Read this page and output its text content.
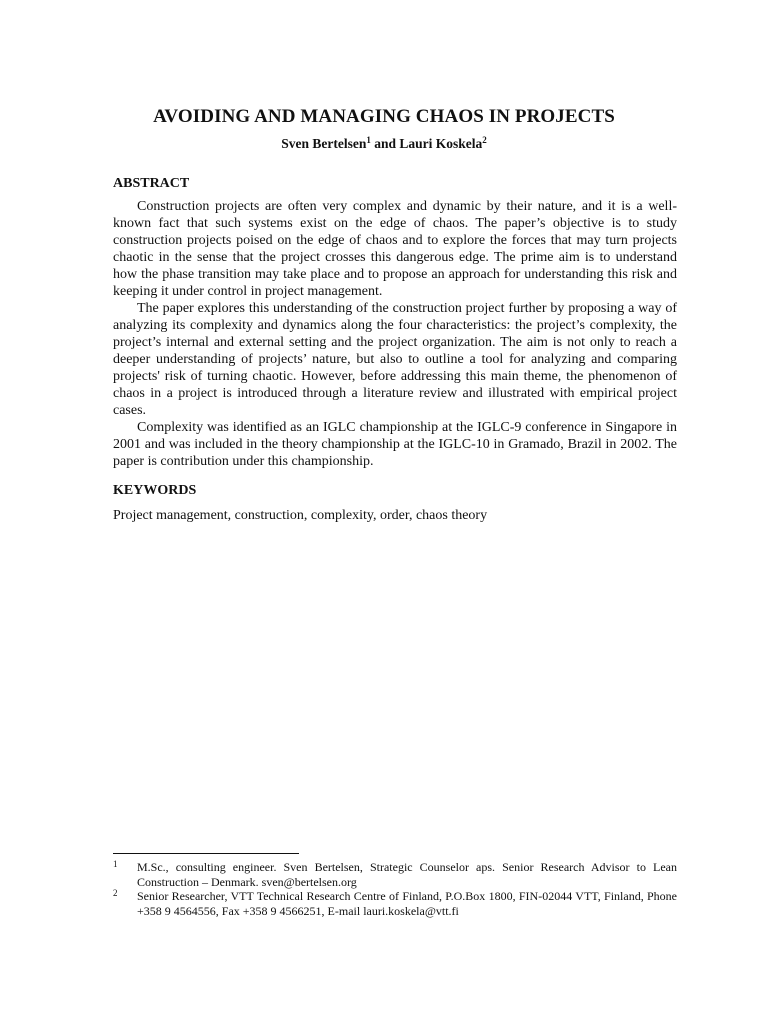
AVOIDING AND MANAGING CHAOS IN PROJECTS
Sven Bertelsen$^1$ and Lauri Koskela$^2$
ABSTRACT

Construction projects are often very complex and dynamic by their nature, and it is a well-known fact that such systems exist on the edge of chaos. The paper’s objective is to study construction projects poised on the edge of chaos and to explore the forces that may turn projects chaotic in the sense that the project crosses this dangerous edge. The prime aim is to understand how the phase transition may take place and to propose an approach for understanding this risk and keeping it under control in project management.

The paper explores this understanding of the construction project further by proposing a way of analyzing its complexity and dynamics along the four characteristics: the project’s complexity, the project’s internal and external setting and the project organization. The aim is not only to reach a deeper understanding of projects’ nature, but also to outline a tool for analyzing and comparing projects' risk of turning chaotic. However, before addressing this main theme, the phenomenon of chaos in a project is introduced through a literature review and illustrated with empirical project cases.

Complexity was identified as an IGLC championship at the IGLC-9 conference in Singapore in 2001 and was included in the theory championship at the IGLC-10 in Gramado, Brazil in 2002. The paper is contribution under this championship.

KEYWORDS

Project management, construction, complexity, order, chaos theory

1 M.Sc., consulting engineer. Sven Bertelsen, Strategic Counselor aps. Senior Research Advisor to Lean Construction – Denmark. sven@bertelsen.org

2 Senior Researcher, VTT Technical Research Centre of Finland, P.O.Box 1800, FIN-02044 VTT, Finland, Phone +358 9 4564556, Fax +358 9 4566251, E-mail lauri.koskela@vtt.fi
